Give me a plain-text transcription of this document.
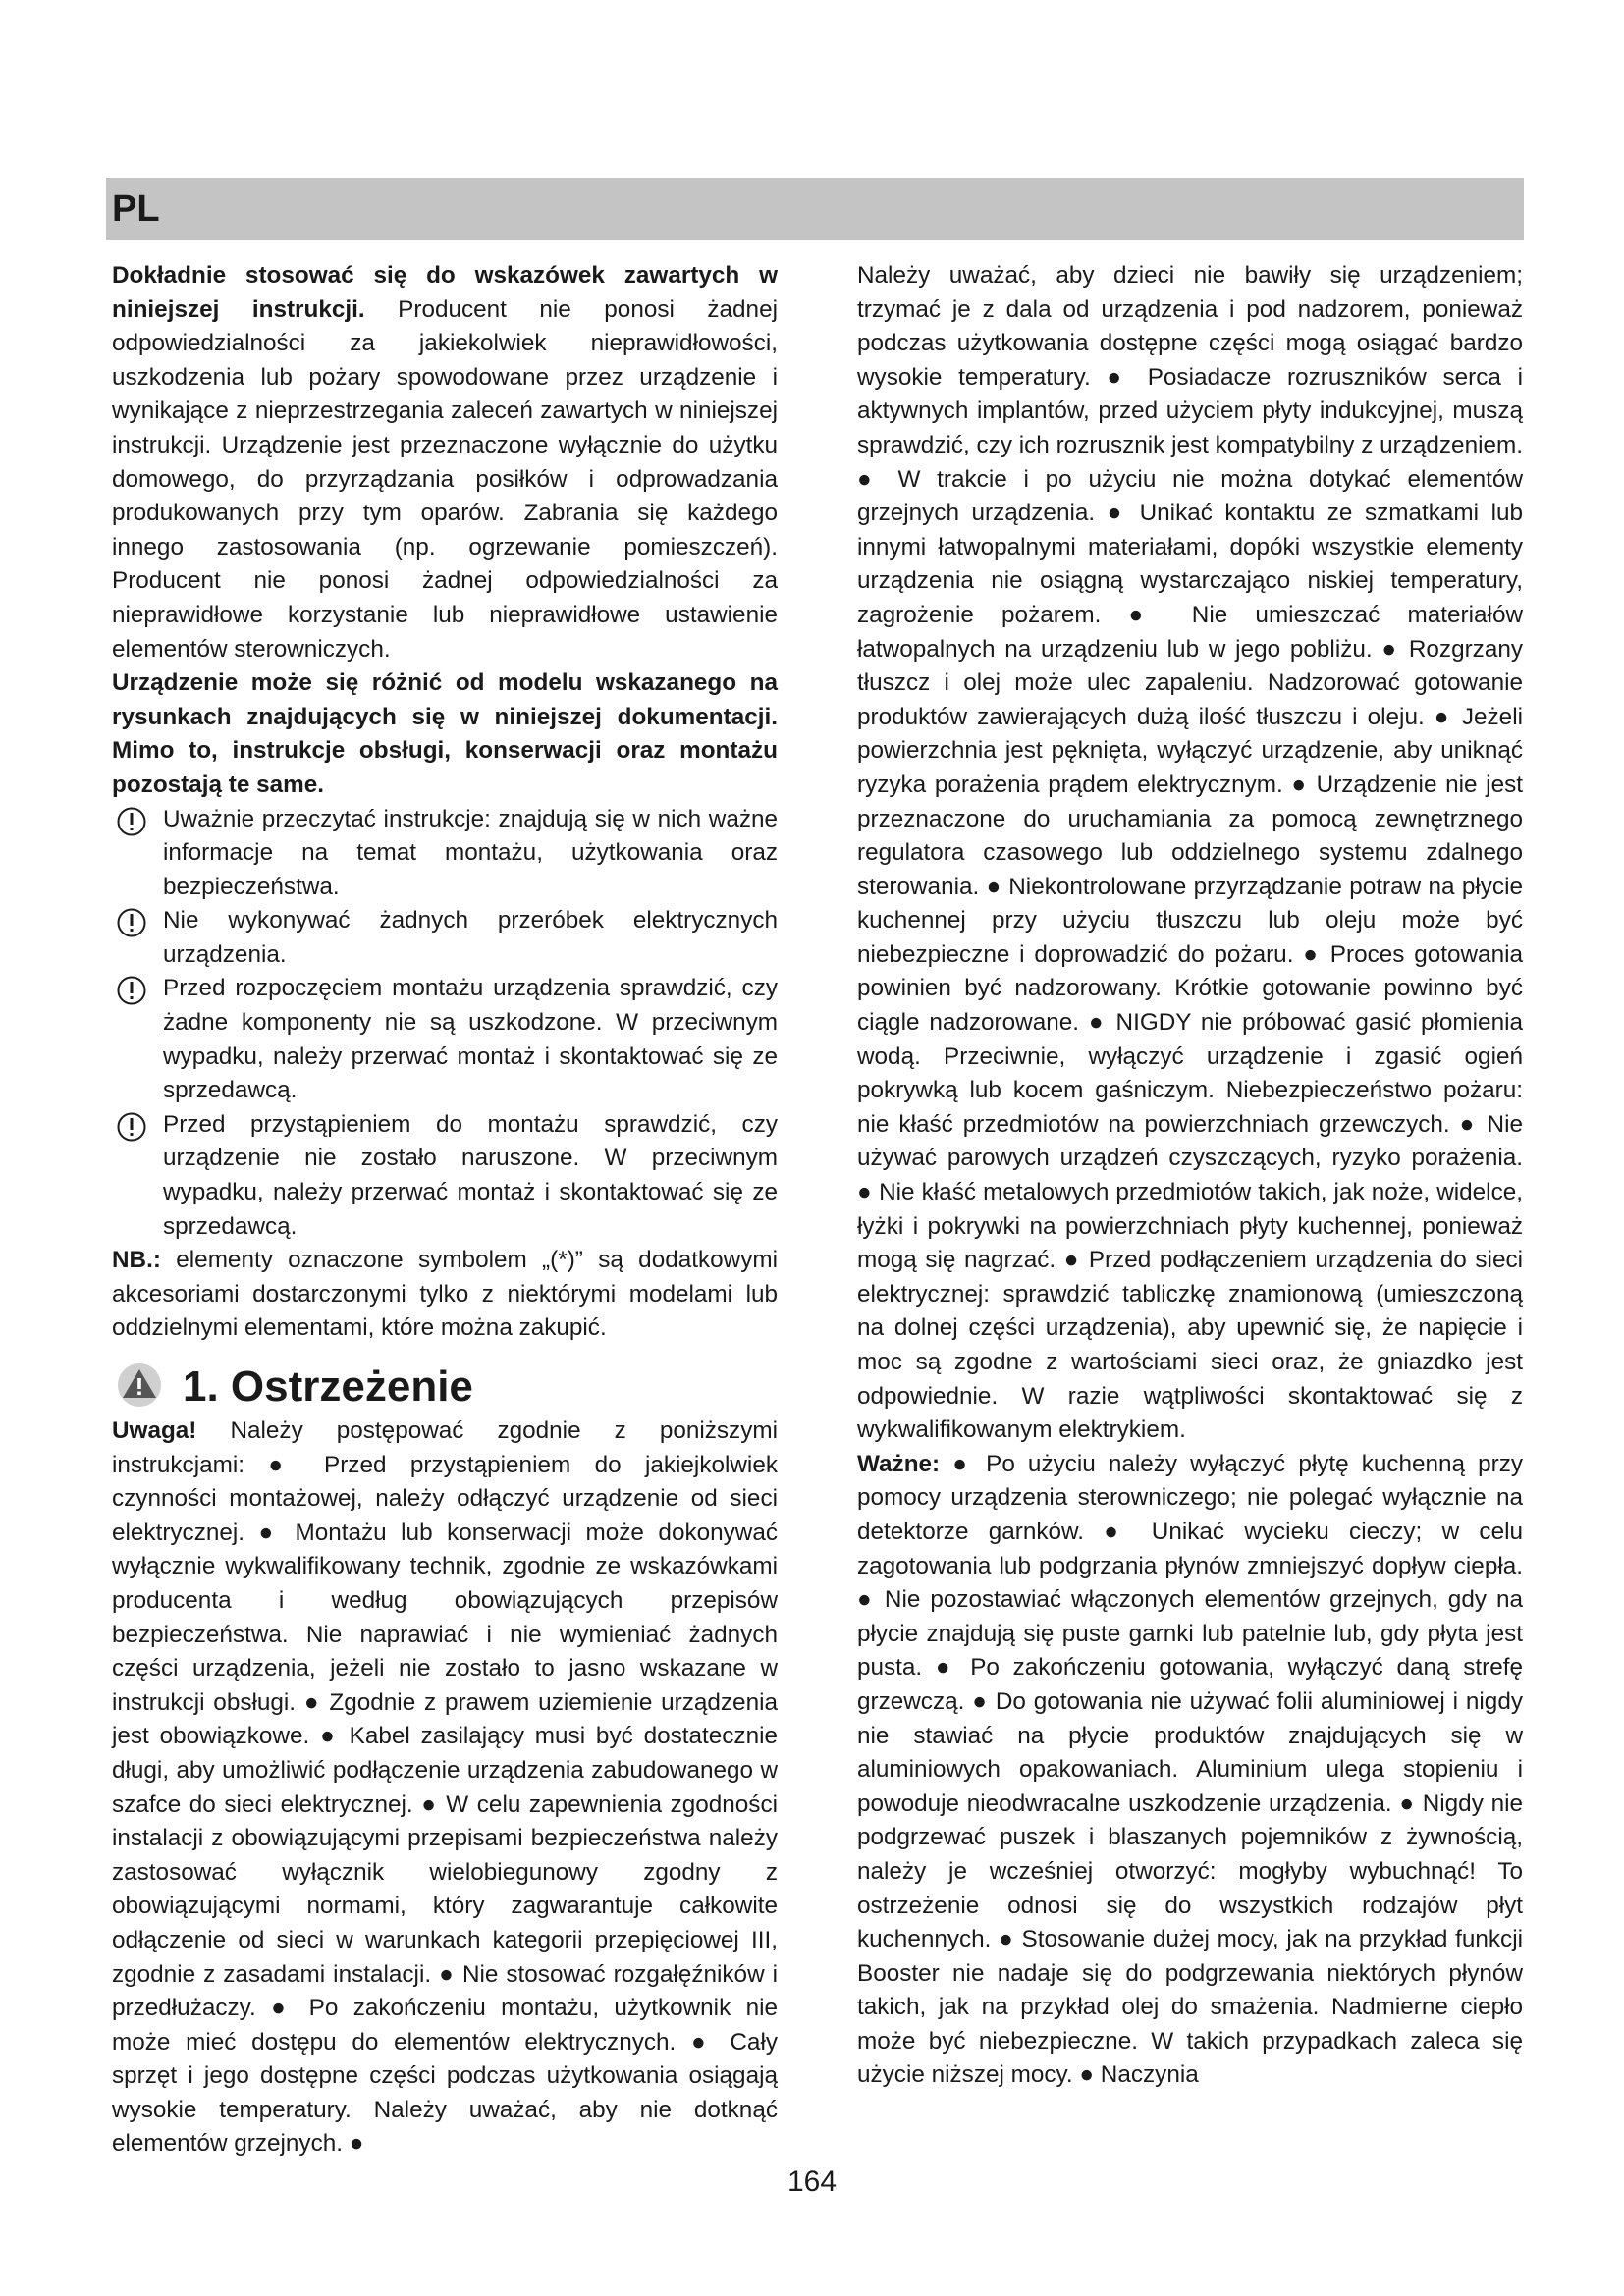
PL

Dokładnie stosować się do wskazówek zawartych w niniejszej instrukcji. Producent nie ponosi żadnej odpowiedzialności za jakiekolwiek nieprawidłowości, uszkodzenia lub pożary spowodowane przez urządzenie i wynikające z nieprzestrzegania zaleceń zawartych w niniejszej instrukcji. Urządzenie jest przeznaczone wyłącznie do użytku domowego, do przyrządzania posiłków i odprowadzania produkowanych przy tym oparów. Zabrania się każdego innego zastosowania (np. ogrzewanie pomieszczeń). Producent nie ponosi żadnej odpowiedzialności za nieprawidłowe korzystanie lub nieprawidłowe ustawienie elementów sterowniczych.

Urządzenie może się różnić od modelu wskazanego na rysunkach znajdujących się w niniejszej dokumentacji. Mimo to, instrukcje obsługi, konserwacji oraz montażu pozostają te same.

Uważnie przeczytać instrukcje: znajdują się w nich ważne informacje na temat montażu, użytkowania oraz bezpieczeństwa.

Nie wykonywać żadnych przeróbek elektrycznych urządzenia.

Przed rozpoczęciem montażu urządzenia sprawdzić, czy żadne komponenty nie są uszkodzone. W przeciwnym wypadku, należy przerwać montaż i skontaktować się ze sprzedawcą.

Przed przystąpieniem do montażu sprawdzić, czy urządzenie nie zostało naruszone. W przeciwnym wypadku, należy przerwać montaż i skontaktować się ze sprzedawcą.

NB.: elementy oznaczone symbolem „(*)” są dodatkowymi akcesoriami dostarczonymi tylko z niektórymi modelami lub oddzielnymi elementami, które można zakupić.

1. Ostrzeżenie

Uwaga! Należy postępować zgodnie z poniższymi instrukcjami: ● Przed przystąpieniem do jakiejkolwiek czynności montażowej, należy odłączyć urządzenie od sieci elektrycznej. ● Montażu lub konserwacji może dokonywać wyłącznie wykwalifikowany technik, zgodnie ze wskazówkami producenta i według obowiązujących przepisów bezpieczeństwa. Nie naprawiać i nie wymieniać żadnych części urządzenia, jeżeli nie zostało to jasno wskazane w instrukcji obsługi. ● Zgodnie z prawem uziemienie urządzenia jest obowiązkowe. ● Kabel zasilający musi być dostatecznie długi, aby umożliwić podłączenie urządzenia zabudowanego w szafce do sieci elektrycznej. ● W celu zapewnienia zgodności instalacji z obowiązującymi przepisami bezpieczeństwa należy zastosować wyłącznik wielobiegunowy zgodny z obowiązującymi normami, który zagwarantuje całkowite odłączenie od sieci w warunkach kategorii przepięciowej III, zgodnie z zasadami instalacji. ● Nie stosować rozgałęźników i przedłużaczy. ● Po zakończeniu montażu, użytkownik nie może mieć dostępu do elementów elektrycznych. ● Cały sprzęt i jego dostępne części podczas użytkowania osiągają wysokie temperatury. Należy uważać, aby nie dotknąć elementów grzejnych. ●

Należy uważać, aby dzieci nie bawiły się urządzeniem; trzymać je z dala od urządzenia i pod nadzorem, ponieważ podczas użytkowania dostępne części mogą osiągać bardzo wysokie temperatury. ● Posiadacze rozruszników serca i aktywnych implantów, przed użyciem płyty indukcyjnej, muszą sprawdzić, czy ich rozrusznik jest kompatybilny z urządzeniem. ● W trakcie i po użyciu nie można dotykać elementów grzejnych urządzenia. ● Unikać kontaktu ze szmatkami lub innymi łatwopalnymi materiałami, dopóki wszystkie elementy urządzenia nie osiągną wystarczająco niskiej temperatury, zagrożenie pożarem. ● Nie umieszczać materiałów łatwopalnych na urządzeniu lub w jego pobliżu. ● Rozgrzany tłuszcz i olej może ulec zapaleniu. Nadzorować gotowanie produktów zawierających dużą ilość tłuszczu i oleju. ● Jeżeli powierzchnia jest pęknięta, wyłączyć urządzenie, aby uniknąć ryzyka porażenia prądem elektrycznym. ● Urządzenie nie jest przeznaczone do uruchamiania za pomocą zewnętrznego regulatora czasowego lub oddzielnego systemu zdalnego sterowania. ● Niekontrolowane przyrządzanie potraw na płycie kuchennej przy użyciu tłuszczu lub oleju może być niebezpieczne i doprowadzić do pożaru. ● Proces gotowania powinien być nadzorowany. Krótkie gotowanie powinno być ciągle nadzorowane. ● NIGDY nie próbować gasić płomienia wodą. Przeciwnie, wyłączyć urządzenie i zgasić ogień pokrywką lub kocem gaśniczym. Niebezpieczeństwo pożaru: nie kłaść przedmiotów na powierzchniach grzewczych. ● Nie używać parowych urządzeń czyszczących, ryzyko porażenia. ● Nie kłaść metalowych przedmiotów takich, jak noże, widelce, łyżki i pokrywki na powierzchniach płyty kuchennej, ponieważ mogą się nagrzać. ● Przed podłączeniem urządzenia do sieci elektrycznej: sprawdzić tabliczkę znamionową (umieszczoną na dolnej części urządzenia), aby upewnić się, że napięcie i moc są zgodne z wartościami sieci oraz, że gniazdko jest odpowiednie. W razie wątpliwości skontaktować się z wykwalifikowanym elektrykiem.

Ważne: ● Po użyciu należy wyłączyć płytę kuchenną przy pomocy urządzenia sterowniczego; nie polegać wyłącznie na detektorze garnków. ● Unikać wycieku cieczy; w celu zagotowania lub podgrzania płynów zmniejszyć dopływ ciepła. ● Nie pozostawiać włączonych elementów grzejnych, gdy na płycie znajdują się puste garnki lub patelnie lub, gdy płyta jest pusta. ● Po zakończeniu gotowania, wyłączyć daną strefę grzewczą. ● Do gotowania nie używać folii aluminiowej i nigdy nie stawiać na płycie produktów znajdujących się w aluminiowych opakowaniach. Aluminium ulega stopieniu i powoduje nieodwracalne uszkodzenie urządzenia. ● Nigdy nie podgrzewać puszek i blaszanych pojemników z żywnością, należy je wcześniej otworzyć: mogłyby wybuchnąć! To ostrzeżenie odnosi się do wszystkich rodzajów płyt kuchennych. ● Stosowanie dużej mocy, jak na przykład funkcji Booster nie nadaje się do podgrzewania niektórych płynów takich, jak na przykład olej do smażenia. Nadmierne ciepło może być niebezpieczne. W takich przypadkach zaleca się użycie niższej mocy. ● Naczynia

164
